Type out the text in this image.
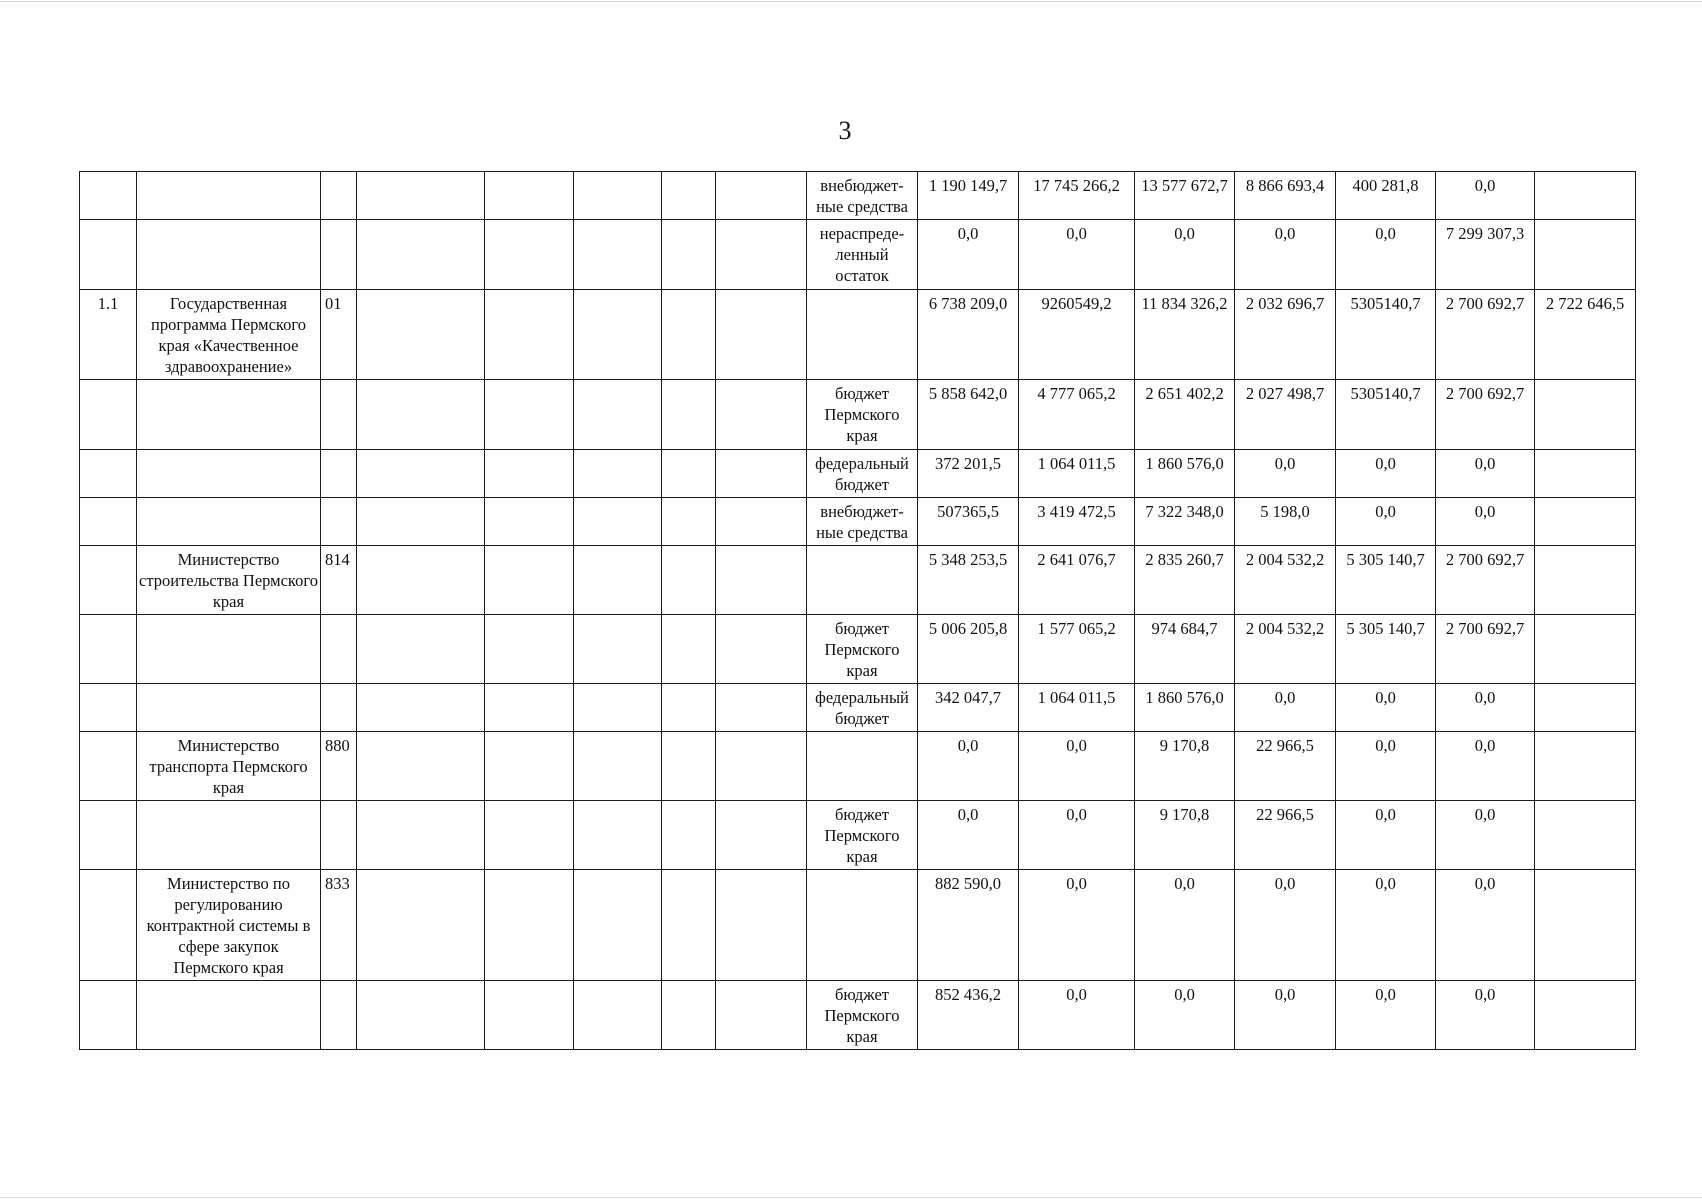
3
								внебюджет-ные средства	1 190 149,7	17 745 266,2	13 577 672,7	8 866 693,4	400 281,8	0,0	
								нераспреде-ленный остаток	0,0	0,0	0,0	0,0	0,0	7 299 307,3	
1.1	Государственная программа Пермского края «Качественное здравоохранение»	01							6 738 209,0	9260549,2	11 834 326,2	2 032 696,7	5305140,7	2 700 692,7	2 722 646,5
								бюджет Пермского края	5 858 642,0	4 777 065,2	2 651 402,2	2 027 498,7	5305140,7	2 700 692,7	
								федеральный бюджет	372 201,5	1 064 011,5	1 860 576,0	0,0	0,0	0,0	
								внебюджет-ные средства	507365,5	3 419 472,5	7 322 348,0	5 198,0	0,0	0,0	
	Министерство строительства Пермского края	814							5 348 253,5	2 641 076,7	2 835 260,7	2 004 532,2	5 305 140,7	2 700 692,7	
								бюджет Пермского края	5 006 205,8	1 577 065,2	974 684,7	2 004 532,2	5 305 140,7	2 700 692,7	
								федеральный бюджет	342 047,7	1 064 011,5	1 860 576,0	0,0	0,0	0,0	
	Министерство транспорта Пермского края	880							0,0	0,0	9 170,8	22 966,5	0,0	0,0	
								бюджет Пермского края	0,0	0,0	9 170,8	22 966,5	0,0	0,0	
	Министерство по регулированию контрактной системы в сфере закупок Пермского края	833							882 590,0	0,0	0,0	0,0	0,0	0,0	
								бюджет Пермского края	852 436,2	0,0	0,0	0,0	0,0	0,0	
